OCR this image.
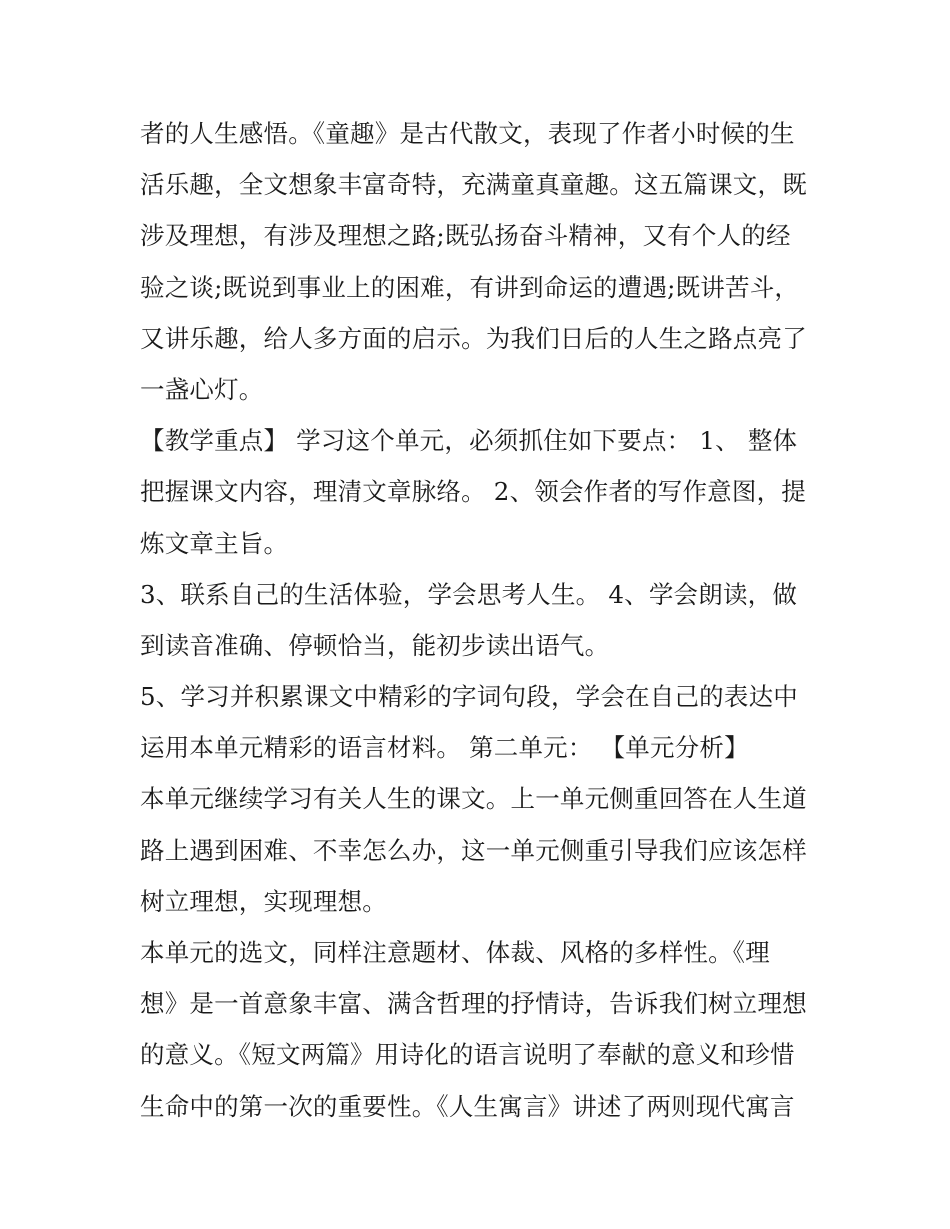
者的人生感悟。《童趣》是古代散文，表现了作者小时候的生
活乐趣，全文想象丰富奇特，充满童真童趣。这五篇课文，既
涉及理想，有涉及理想之路;既弘扬奋斗精神，又有个人的经
验之谈;既说到事业上的困难，有讲到命运的遭遇;既讲苦斗，
又讲乐趣，给人多方面的启示。为我们日后的人生之路点亮了
一盏心灯。
【教学重点】 学习这个单元，必须抓住如下要点： 1、 整体
把握课文内容，理清文章脉络。 2、领会作者的写作意图，提
炼文章主旨。
3、联系自己的生活体验，学会思考人生。 4、学会朗读，做
到读音准确、停顿恰当，能初步读出语气。
5、学习并积累课文中精彩的字词句段，学会在自己的表达中
运用本单元精彩的语言材料。 第二单元： 【单元分析】
本单元继续学习有关人生的课文。上一单元侧重回答在人生道
路上遇到困难、不幸怎么办，这一单元侧重引导我们应该怎样
树立理想，实现理想。
本单元的选文，同样注意题材、体裁、风格的多样性。《理
想》是一首意象丰富、满含哲理的抒情诗，告诉我们树立理想
的意义。《短文两篇》用诗化的语言说明了奉献的意义和珍惜
生命中的第一次的重要性。《人生寓言》讲述了两则现代寓言
